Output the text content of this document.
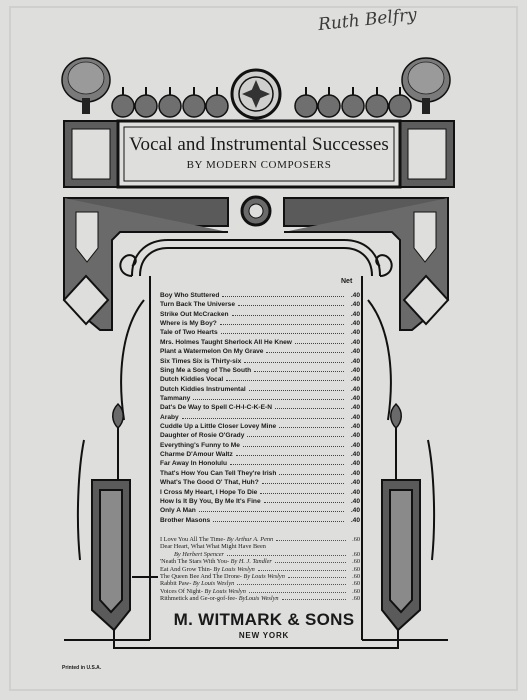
Ruth Belfry
Vocal and Instrumental Successes
BY MODERN COMPOSERS
Net
Boy Who Stuttered	.40
Turn Back The Universe	.40
Strike Out McCracken	.40
Where is My Boy?	.40
Tale of Two Hearts	.40
Mrs. Holmes Taught Sherlock All He Knew	.40
Plant a Watermelon On My Grave	.40
Six Times Six is Thirty-six	.40
Sing Me a Song of The South	.40
Dutch Kiddies Vocal	.40
Dutch Kiddies Instrumental	.40
Tammany	.40
Dat's De Way to Spell C-H-I-C-K-E-N	.40
Araby	.40
Cuddle Up a Little Closer Lovey Mine	.40
Daughter of Rosie O'Grady	.40
Everything's Funny to Me	.40
Charme D'Amour Waltz	.40
Far Away In Honolulu	.40
That's How You Can Tell They're Irish	.40
What's The Good O' That, Huh?	.40
I Cross My Heart, I Hope To Die	.40
How Is It By You, By Me It's Fine	.40
Only A Man	.40
Brother Masons	.40
I Love You All The Time- By Arthur A. Penn	.60
Dear Heart, What What Might Have Been
By Herbert Spencer	.60
'Neath The Stars With You- By H. J. Tandler	.60
Eat And Grow Thin- By Louis Weslyn	.60
The Queen Bee And The Drone- By Louis Weslyn	.60
Rabbit Paw- By Louis Weslyn	.60
Voices Of Night- By Louis Weslyn	.60
Rithmetick and Ge-or-gof-fee- ByLouis Weslyn	.60
M. WITMARK & SONS
NEW YORK
Printed in U.S.A.
